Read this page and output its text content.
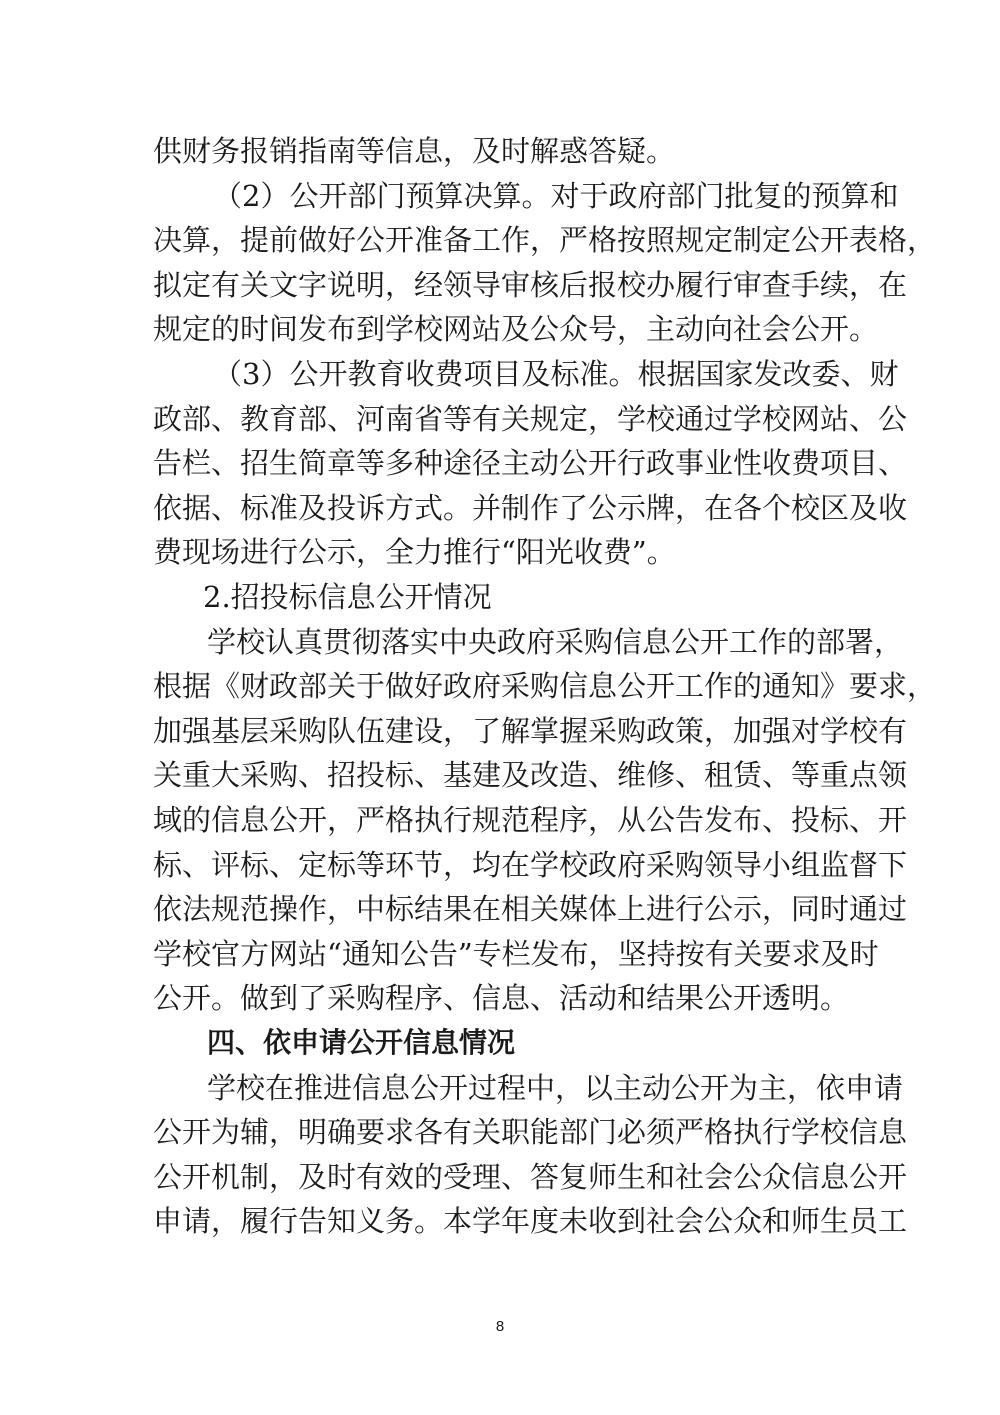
供财务报销指南等信息，及时解惑答疑。
（2）公开部门预算决算。对于政府部门批复的预算和
决算，提前做好公开准备工作，严格按照规定制定公开表格，
拟定有关文字说明，经领导审核后报校办履行审查手续，在
规定的时间发布到学校网站及公众号，主动向社会公开。
（3）公开教育收费项目及标准。根据国家发改委、财
政部、教育部、河南省等有关规定，学校通过学校网站、公
告栏、招生简章等多种途径主动公开行政事业性收费项目、
依据、标准及投诉方式。并制作了公示牌，在各个校区及收
费现场进行公示，全力推行“阳光收费”。
2.招投标信息公开情况
学校认真贯彻落实中央政府采购信息公开工作的部署，
根据《财政部关于做好政府采购信息公开工作的通知》要求，
加强基层采购队伍建设，了解掌握采购政策，加强对学校有
关重大采购、招投标、基建及改造、维修、租赁、等重点领
域的信息公开，严格执行规范程序，从公告发布、投标、开
标、评标、定标等环节，均在学校政府采购领导小组监督下
依法规范操作，中标结果在相关媒体上进行公示，同时通过
学校官方网站“通知公告”专栏发布，坚持按有关要求及时
公开。做到了采购程序、信息、活动和结果公开透明。
四、依申请公开信息情况
学校在推进信息公开过程中，以主动公开为主，依申请
公开为辅，明确要求各有关职能部门必须严格执行学校信息
公开机制，及时有效的受理、答复师生和社会公众信息公开
申请，履行告知义务。本学年度未收到社会公众和师生员工
8
